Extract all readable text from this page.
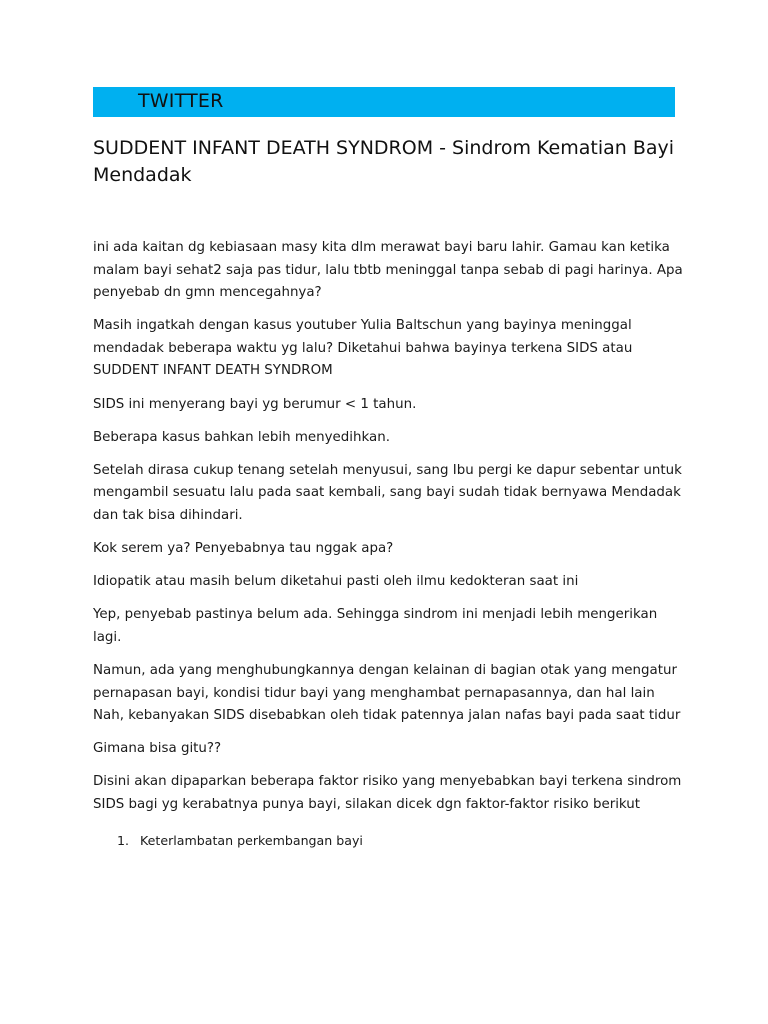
TWITTER
SUDDENT INFANT DEATH SYNDROM - Sindrom Kematian Bayi Mendadak

ini ada kaitan dg kebiasaan masy kita dlm merawat bayi baru lahir. Gamau kan ketika malam bayi sehat2 saja pas tidur, lalu tbtb meninggal tanpa sebab di pagi harinya. Apa penyebab dn gmn mencegahnya?

Masih ingatkah dengan kasus youtuber Yulia Baltschun yang bayinya meninggal mendadak beberapa waktu yg lalu? Diketahui bahwa bayinya terkena SIDS atau SUDDENT INFANT DEATH SYNDROM

SIDS ini menyerang bayi yg berumur < 1 tahun.

Beberapa kasus bahkan lebih menyedihkan.

Setelah dirasa cukup tenang setelah menyusui, sang Ibu pergi ke dapur sebentar untuk mengambil sesuatu lalu pada saat kembali, sang bayi sudah tidak bernyawa Mendadak dan tak bisa dihindari.

Kok serem ya? Penyebabnya tau nggak apa?

Idiopatik atau masih belum diketahui pasti oleh ilmu kedokteran saat ini

Yep, penyebab pastinya belum ada. Sehingga sindrom ini menjadi lebih mengerikan lagi.

Namun, ada yang menghubungkannya dengan kelainan di bagian otak yang mengatur pernapasan bayi, kondisi tidur bayi yang menghambat pernapasannya, dan hal lain Nah, kebanyakan SIDS disebabkan oleh tidak patennya jalan nafas bayi pada saat tidur

Gimana bisa gitu??

Disini akan dipaparkan beberapa faktor risiko yang menyebabkan bayi terkena sindrom SIDS bagi yg kerabatnya punya bayi, silakan dicek dgn faktor-faktor risiko berikut

1. Keterlambatan perkembangan bayi
